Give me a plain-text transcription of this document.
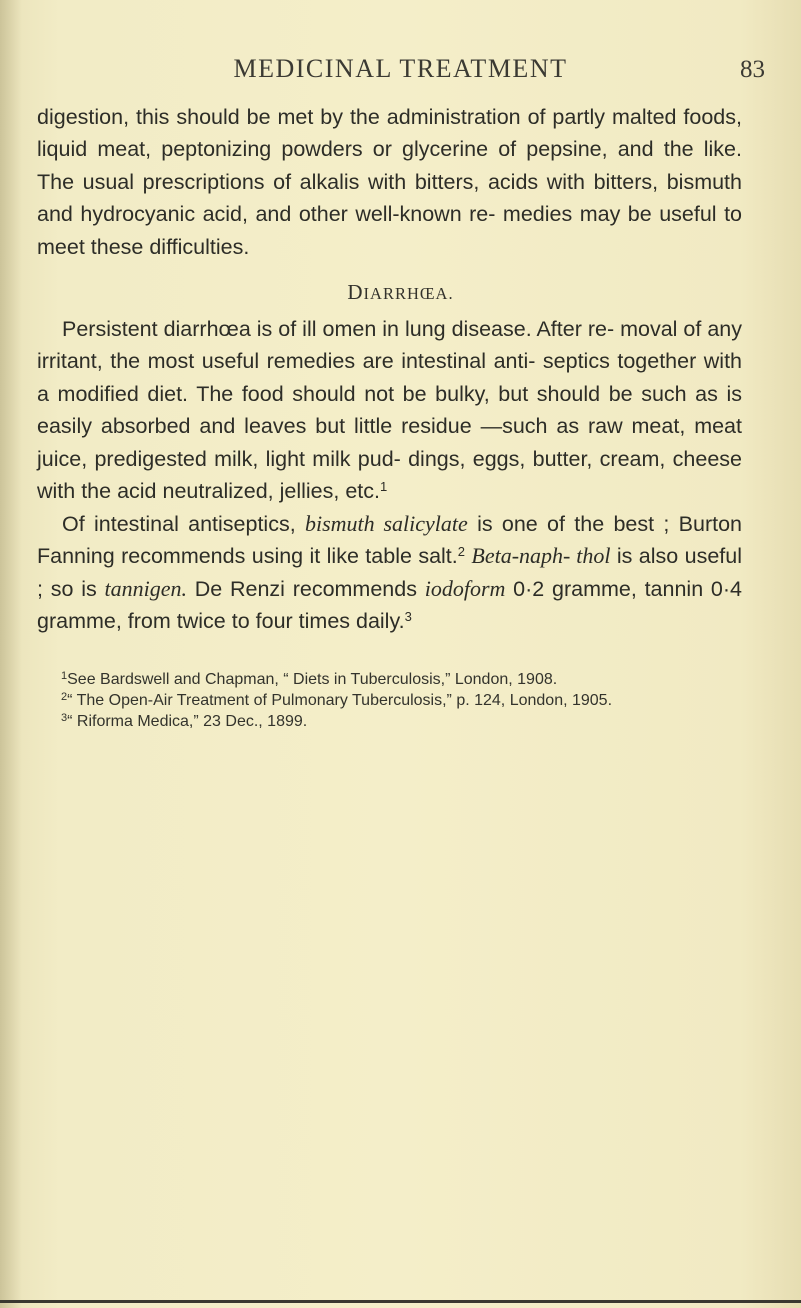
MEDICINAL TREATMENT	83
digestion, this should be met by the administration of partly malted foods, liquid meat, peptonizing powders or glycerine of pepsine, and the like. The usual prescriptions of alkalis with bitters, acids with bitters, bismuth and hydrocyanic acid, and other well-known re- medies may be useful to meet these difficulties.
DIARRHŒA.
Persistent diarrhœa is of ill omen in lung disease. After re- moval of any irritant, the most useful remedies are intestinal anti- septics together with a modified diet. The food should not be bulky, but should be such as is easily absorbed and leaves but little residue —such as raw meat, meat juice, predigested milk, light milk pud- dings, eggs, butter, cream, cheese with the acid neutralized, jellies, etc.$^1$
Of intestinal antiseptics, bismuth salicylate is one of the best ; Burton Fanning recommends using it like table salt.$^2$ Beta-naph- thol is also useful ; so is tannigen. De Renzi recommends iodoform 0·2 gramme, tannin 0·4 gramme, from twice to four times daily.$^3$
$^1$See Bardswell and Chapman, “ Diets in Tuberculosis,” London, 1908.
$^2$“ The Open-Air Treatment of Pulmonary Tuberculosis,” p. 124, London, 1905.
$^3$“ Riforma Medica,” 23 Dec., 1899.
